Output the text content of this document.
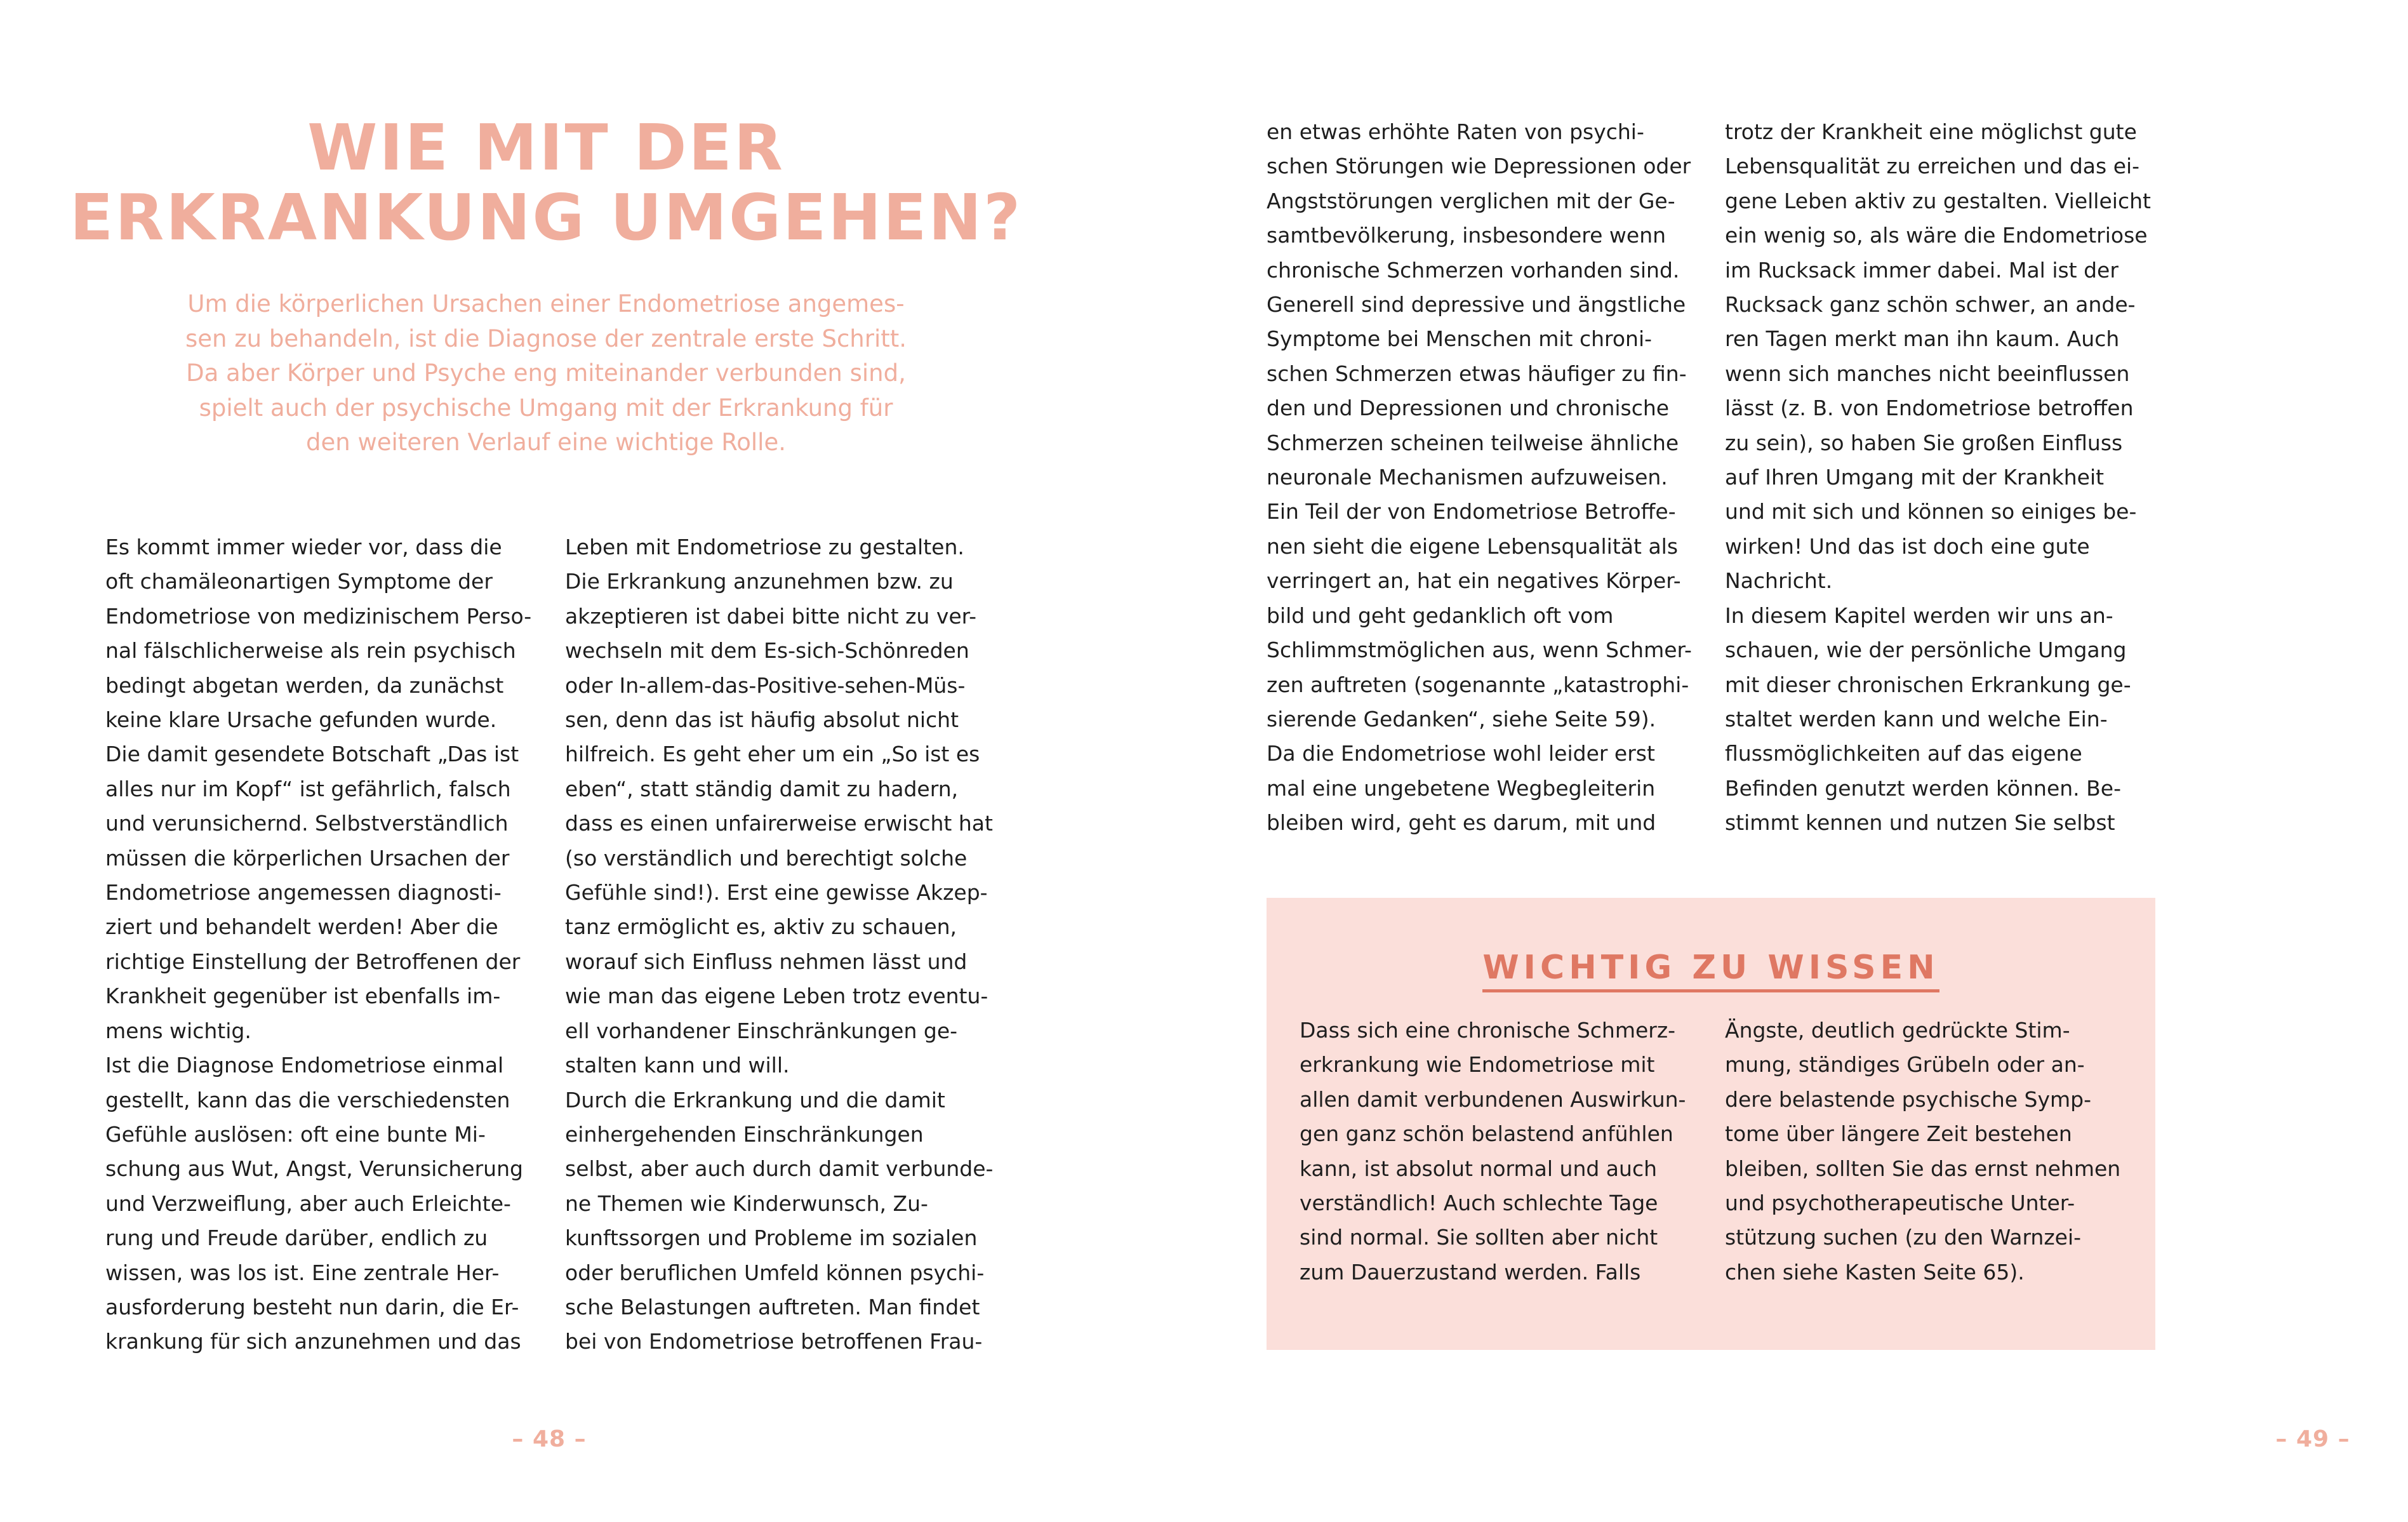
WIE MIT DER
ERKRANKUNG UMGEHEN?
Um die körperlichen Ursachen einer Endometriose angemes-
sen zu behandeln, ist die Diagnose der zentrale erste Schritt.
Da aber Körper und Psyche eng miteinander verbunden sind,
spielt auch der psychische Umgang mit der Erkrankung für
den weiteren Verlauf eine wichtige Rolle.
Es kommt immer wieder vor, dass die
oft chamäleonartigen Symptome der
Endometriose von medizinischem Perso-
nal fälschlicherweise als rein psychisch
bedingt abgetan werden, da zunächst
keine klare Ursache gefunden wurde.
Die damit gesendete Botschaft „Das ist
alles nur im Kopf“ ist gefährlich, falsch
und verunsichernd. Selbstverständlich
müssen die körperlichen Ursachen der
Endometriose angemessen diagnosti-
ziert und behandelt werden! Aber die
richtige Einstellung der Betroffenen der
Krankheit gegenüber ist ebenfalls im-
mens wichtig.
Ist die Diagnose Endometriose einmal
gestellt, kann das die verschiedensten
Gefühle auslösen: oft eine bunte Mi-
schung aus Wut, Angst, Verunsicherung
und Verzweiflung, aber auch Erleichte-
rung und Freude darüber, endlich zu
wissen, was los ist. Eine zentrale Her-
ausforderung besteht nun darin, die Er-
krankung für sich anzunehmen und das
Leben mit Endometriose zu gestalten.
Die Erkrankung anzunehmen bzw. zu
akzeptieren ist dabei bitte nicht zu ver-
wechseln mit dem Es-sich-Schönreden
oder In-allem-das-Positive-sehen-Müs-
sen, denn das ist häufig absolut nicht
hilfreich. Es geht eher um ein „So ist es
eben“, statt ständig damit zu hadern,
dass es einen unfairerweise erwischt hat
(so verständlich und berechtigt solche
Gefühle sind!). Erst eine gewisse Akzep-
tanz ermöglicht es, aktiv zu schauen,
worauf sich Einfluss nehmen lässt und
wie man das eigene Leben trotz eventu-
ell vorhandener Einschränkungen ge-
stalten kann und will.
Durch die Erkrankung und die damit
einhergehenden Einschränkungen
selbst, aber auch durch damit verbunde-
ne Themen wie Kinderwunsch, Zu-
kunftssorgen und Probleme im sozialen
oder beruflichen Umfeld können psychi-
sche Belastungen auftreten. Man findet
bei von Endometriose betroffenen Frau-
– 48 –
en etwas erhöhte Raten von psychi-
schen Störungen wie Depressionen oder
Angststörungen verglichen mit der Ge-
samtbevölkerung, insbesondere wenn
chronische Schmerzen vorhanden sind.
Generell sind depressive und ängstliche
Symptome bei Menschen mit chroni-
schen Schmerzen etwas häufiger zu fin-
den und Depressionen und chronische
Schmerzen scheinen teilweise ähnliche
neuronale Mechanismen aufzuweisen.
Ein Teil der von Endometriose Betroffe-
nen sieht die eigene Lebensqualität als
verringert an, hat ein negatives Körper-
bild und geht gedanklich oft vom
Schlimmstmöglichen aus, wenn Schmer-
zen auftreten (sogenannte „katastrophi-
sierende Gedanken“, siehe Seite 59).
Da die Endometriose wohl leider erst
mal eine ungebetene Wegbegleiterin
bleiben wird, geht es darum, mit und
trotz der Krankheit eine möglichst gute
Lebensqualität zu erreichen und das ei-
gene Leben aktiv zu gestalten. Vielleicht
ein wenig so, als wäre die Endometriose
im Rucksack immer dabei. Mal ist der
Rucksack ganz schön schwer, an ande-
ren Tagen merkt man ihn kaum. Auch
wenn sich manches nicht beeinflussen
lässt (z. B. von Endometriose betroffen
zu sein), so haben Sie großen Einfluss
auf Ihren Umgang mit der Krankheit
und mit sich und können so einiges be-
wirken! Und das ist doch eine gute
Nachricht.
In diesem Kapitel werden wir uns an-
schauen, wie der persönliche Umgang
mit dieser chronischen Erkrankung ge-
staltet werden kann und welche Ein-
flussmöglichkeiten auf das eigene
Befinden genutzt werden können. Be-
stimmt kennen und nutzen Sie selbst
WICHTIG ZU WISSEN
Dass sich eine chronische Schmerz-
erkrankung wie Endometriose mit
allen damit verbundenen Auswirkun-
gen ganz schön belastend anfühlen
kann, ist absolut normal und auch
verständlich! Auch schlechte Tage
sind normal. Sie sollten aber nicht
zum Dauerzustand werden. Falls
Ängste, deutlich gedrückte Stim-
mung, ständiges Grübeln oder an-
dere belastende psychische Symp-
tome über längere Zeit bestehen
bleiben, sollten Sie das ernst nehmen
und psychotherapeutische Unter-
stützung suchen (zu den Warnzei-
chen siehe Kasten Seite 65).
– 49 –
